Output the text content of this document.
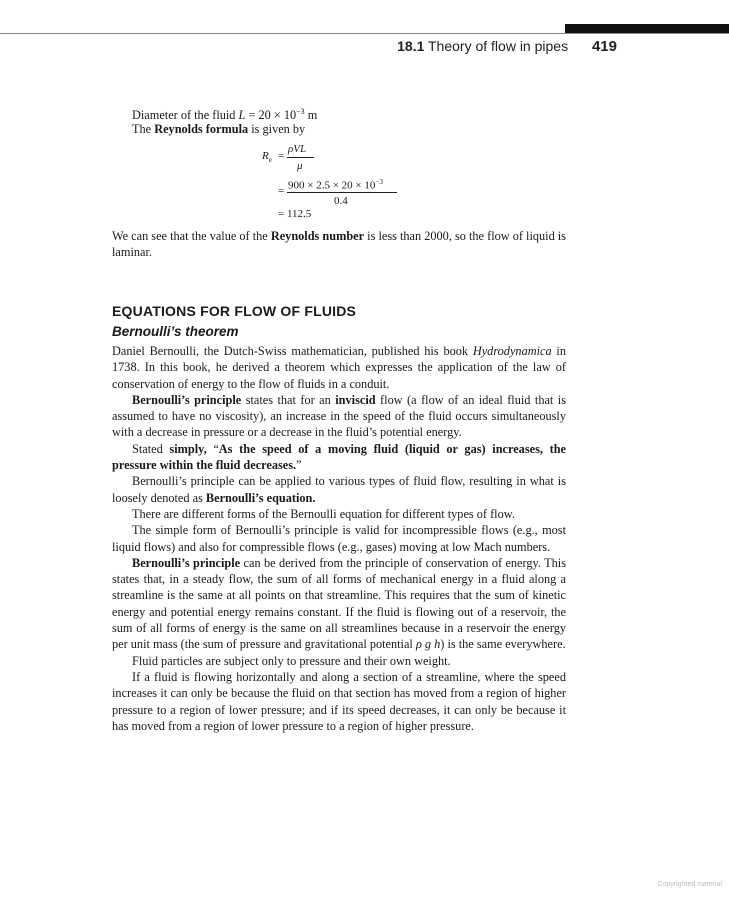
18.1 Theory of flow in pipes 419

Diameter of the fluid $L = 20 \times 10^{-3}$ m

The Reynolds formula is given by

$R_e$ =
ρVL
μ
= $900 \times 2.5 \times 20 \times 10^{-3}$
0.4
= 112.5

We can see that the value of the Reynolds number is less than 2000, so the flow of liquid is laminar.

EQUATIONS FOR FLOW OF FLUIDS
Bernoulli’s theorem

Daniel Bernoulli, the Dutch-Swiss mathematician, published his book Hydrodynamica in 1738. In this book, he derived a theorem which expresses the application of the law of conservation of energy to the flow of fluids in a conduit.

Bernoulli’s principle states that for an inviscid flow (a flow of an ideal fluid that is assumed to have no viscosity), an increase in the speed of the fluid occurs simultaneously with a decrease in pressure or a decrease in the fluid’s potential energy.

Stated simply, “As the speed of a moving fluid (liquid or gas) increases, the pressure within the fluid decreases.”

Bernoulli’s principle can be applied to various types of fluid flow, resulting in what is loosely denoted as Bernoulli’s equation.

There are different forms of the Bernoulli equation for different types of flow.

The simple form of Bernoulli’s principle is valid for incompressible flows (e.g., most liquid flows) and also for compressible flows (e.g., gases) moving at low Mach numbers.

Bernoulli’s principle can be derived from the principle of conservation of energy. This states that, in a steady flow, the sum of all forms of mechanical energy in a fluid along a streamline is the same at all points on that streamline. This requires that the sum of kinetic energy and potential energy remains constant. If the fluid is flowing out of a reservoir, the sum of all forms of energy is the same on all streamlines because in a reservoir the energy per unit mass (the sum of pressure and gravitational potential ρ g h) is the same everywhere.

Fluid particles are subject only to pressure and their own weight.

If a fluid is flowing horizontally and along a section of a streamline, where the speed increases it can only be because the fluid on that section has moved from a region of higher pressure to a region of lower pressure; and if its speed decreases, it can only be because it has moved from a region of lower pressure to a region of higher pressure.

Copyrighted material
